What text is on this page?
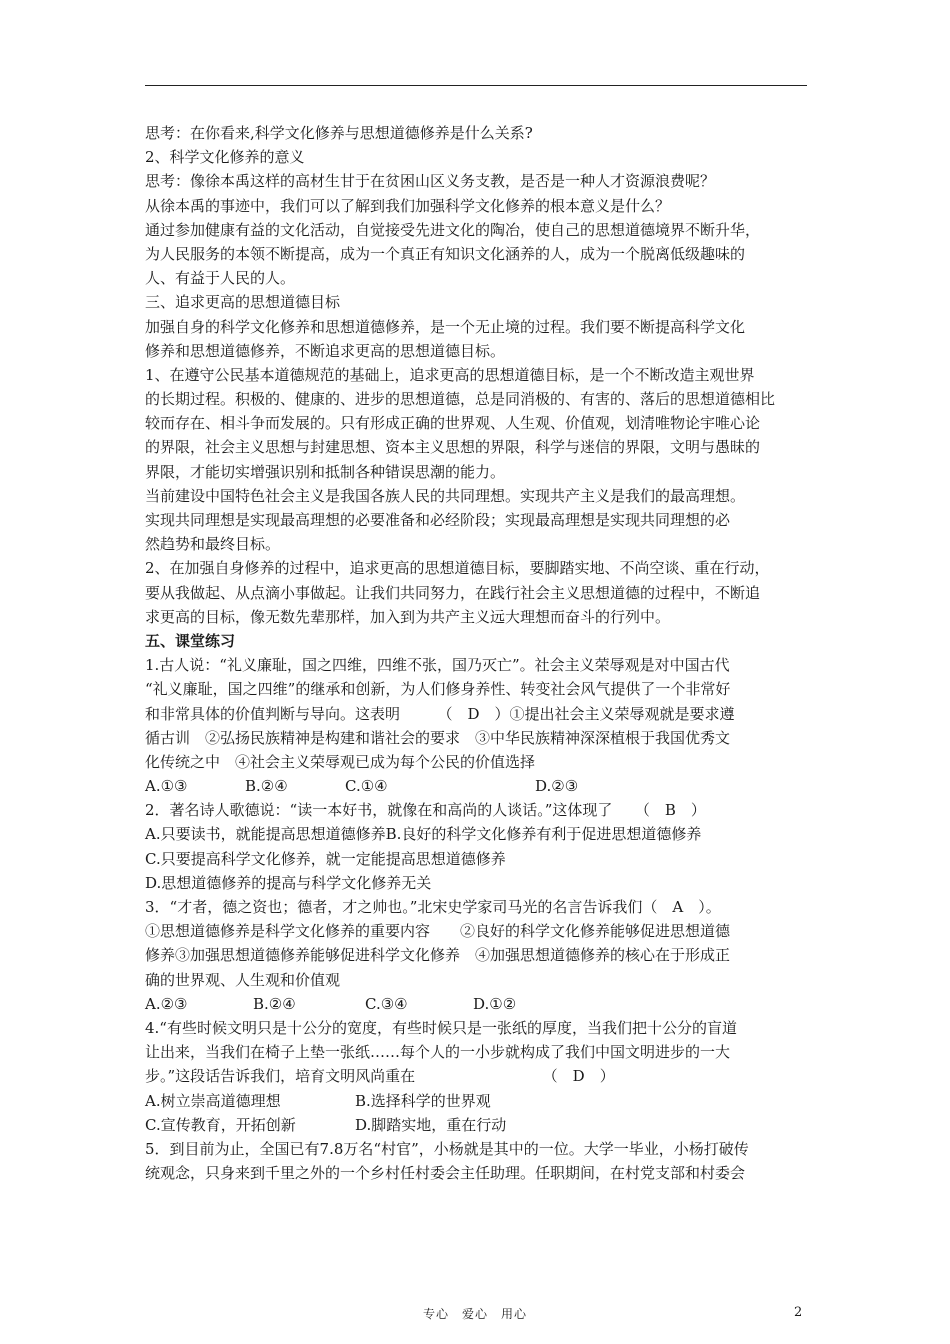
思考：在你看来,科学文化修养与思想道德修养是什么关系?
2、科学文化修养的意义
思考：像徐本禹这样的高材生甘于在贫困山区义务支教，是否是一种人才资源浪费呢？
从徐本禹的事迹中，我们可以了解到我们加强科学文化修养的根本意义是什么？
通过参加健康有益的文化活动，自觉接受先进文化的陶冶，使自己的思想道德境界不断升华，
为人民服务的本领不断提高，成为一个真正有知识文化涵养的人，成为一个脱离低级趣味的
人、有益于人民的人。
三、追求更高的思想道德目标
加强自身的科学文化修养和思想道德修养，是一个无止境的过程。我们要不断提高科学文化
修养和思想道德修养，不断追求更高的思想道德目标。
1、在遵守公民基本道德规范的基础上，追求更高的思想道德目标，是一个不断改造主观世界
的长期过程。积极的、健康的、进步的思想道德，总是同消极的、有害的、落后的思想道德相比
较而存在、相斗争而发展的。只有形成正确的世界观、人生观、价值观，划清唯物论宇唯心论
的界限，社会主义思想与封建思想、资本主义思想的界限，科学与迷信的界限，文明与愚昧的
界限，才能切实增强识别和抵制各种错误思潮的能力。
当前建设中国特色社会主义是我国各族人民的共同理想。实现共产主义是我们的最高理想。
实现共同理想是实现最高理想的必要准备和必经阶段；实现最高理想是实现共同理想的必
然趋势和最终目标。
2、在加强自身修养的过程中，追求更高的思想道德目标，要脚踏实地、不尚空谈、重在行动，
要从我做起、从点滴小事做起。让我们共同努力，在践行社会主义思想道德的过程中，不断追
求更高的目标，像无数先辈那样，加入到为共产主义远大理想而奋斗的行列中。
五、课堂练习
1.古人说：“礼义廉耻，国之四维，四维不张，国乃灭亡”。社会主义荣辱观是对中国古代
“礼义廉耻，国之四维”的继承和创新，为人们修身养性、转变社会风气提供了一个非常好
和非常具体的价值判断与导向。这表明　　　（　D　）①提出社会主义荣辱观就是要求遵
循古训　②弘扬民族精神是构建和谐社会的要求　③中华民族精神深深植根于我国优秀文
化传统之中　④社会主义荣辱观已成为每个公民的价值选择
A.①③	B.②④	C.①④	D.②③
2．著名诗人歌德说：“读一本好书，就像在和高尚的人谈话。”这体现了　　（　B　）
A.只要读书，就能提高思想道德修养B.良好的科学文化修养有利于促进思想道德修养
C.只要提高科学文化修养，就一定能提高思想道德修养
D.思想道德修养的提高与科学文化修养无关
3．“才者，德之资也；德者，才之帅也。”北宋史学家司马光的名言告诉我们（　A　）。
①思想道德修养是科学文化修养的重要内容　　②良好的科学文化修养能够促进思想道德
修养③加强思想道德修养能够促进科学文化修养　④加强思想道德修养的核心在于形成正
确的世界观、人生观和价值观
A.②③	B.②④	C.③④	D.①②
4.“有些时候文明只是十公分的宽度，有些时候只是一张纸的厚度，当我们把十公分的盲道
让出来，当我们在椅子上垫一张纸……每个人的一小步就构成了我们中国文明进步的一大
步。”这段话告诉我们，培育文明风尚重在　　　　　　　　　（　D　）
A.树立崇高道德理想	B.选择科学的世界观
C.宣传教育，开拓创新	D.脚踏实地，重在行动
5．到目前为止，全国已有7.8万名“村官”，小杨就是其中的一位。大学一毕业，小杨打破传
统观念，只身来到千里之外的一个乡村任村委会主任助理。任职期间，在村党支部和村委会
专心　爱心　用心	2
